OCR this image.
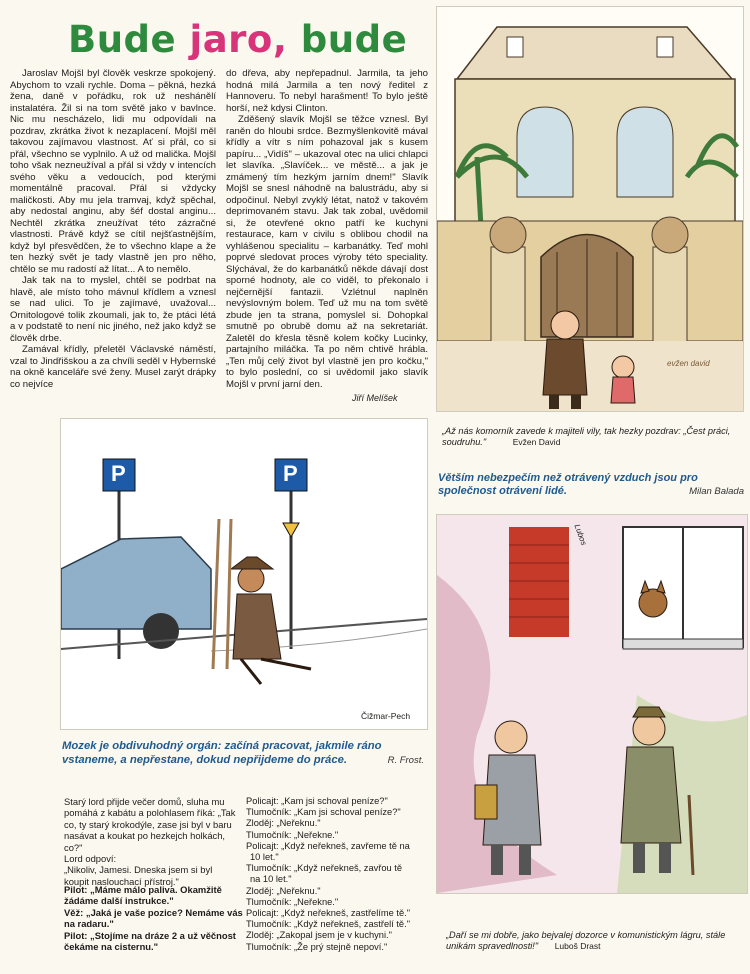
Bude jaro, bude

Jaroslav Mojšl byl člověk veskrze spokojený. Abychom to vzali rychle. Doma – pěkná, hezká žena, daně v pořádku, rok už neshánělí instalatéra. Žil si na tom světě jako v bavlnce. Nic mu nescházelo, lidi mu odpovídali na pozdrav, zkrátka život k nezaplacení. Mojšl měl takovou zajímavou vlastnost. Ať si přál, co si přál, všechno se vyplnilo. A už od malička. Mojšl toho však nezneužíval a přál si vždy v intencích svého věku a vedoucích, pod kterými momentálně pracoval. Přál si vždycky maličkosti. Aby mu jela tramvaj, když spěchal, aby nedostal anginu, aby šéf dostal anginu... Nechtěl zkrátka zneužívat této zázračné vlastnosti. Právě když se cítil nejšťastnějším, když byl přesvědčen, že to všechno klape a že ten hezký svět je tady vlastně jen pro něho, chtělo se mu radostí až lítat... A to nemělo.

Jak tak na to myslel, chtěl se podrbat na hlavě, ale místo toho mávnul křídlem a vznesl se nad ulici. To je zajímavé, uvažoval... Ornitologové tolik zkoumali, jak to, že ptáci létá a v podstatě to není nic jiného, než jako když se člověk drbe.

Zamával křídly, přeletěl Václavské náměstí, vzal to Jindřišskou a za chvíli seděl v Hybernské na okně kanceláře své ženy. Musel zarýt drápky co nejvíce

do dřeva, aby nepřepadnul. Jarmila, ta jeho hodná milá Jarmila a ten nový ředitel z Hannoveru. To nebyl harašment! To bylo ještě horší, než kdysi Clinton.

Zděšený slavík Mojšl se těžce vznesl. Byl raněn do hloubi srdce. Bezmyšlenkovitě mával křídly a vítr s ním pohazoval jak s kusem papíru... „Vidíš" – ukazoval otec na ulici chlapci let slavíka. „Slavíček... ve městě... a jak je zmámený tím hezkým jarním dnem!" Slavík Mojšl se snesl náhodně na balustrádu, aby si odpočinul. Nebyl zvyklý létat, natož v takovém deprimovaném stavu. Jak tak zobal, uvědomil si, že otevřené okno patří ke kuchyni restaurace, kam v civilu s oblibou chodil na vyhlášenou specialitu – karbanátky. Teď mohl poprvé sledovat proces výroby této speciality. Slýchával, že do karbanátků někde dávají dost sporné hodnoty, ale co viděl, to překonalo i nejčernější fantazii. Vzlétnul naplněn nevýslovným bolem. Teď už mu na tom světě zbude jen ta strana, pomyslel si. Dohopkal smutně po obrubě domu až na sekretariát. Zaletěl do křesla těsně kolem kočky Lucinky, partajního miláčka. Ta po něm chtivě hrábla. „Ten můj celý život byl vlastně jen pro kočku," to bylo poslední, co si uvědomil jako slavík Mojšl v první jarní den.

Jiří Melíšek
evžen david
„Až nás komorník zavede k majiteli vily, tak hezky pozdrav: „Čest práci, soudruhu."	Evžen David
Větším nebezpečím než otrávený vzduch jsou pro společnost otrávení lidé.	Milan Balada
P	P
Čižmar-Pech
Mozek je obdivuhodný orgán: začíná pracovat, jakmile ráno vstaneme, a nepřestane, dokud nepřijdeme do práce.	R. Frost.
Starý lord přijde večer domů, sluha mu pomáhá z kabátu a polohlasem říká: „Tak co, ty starý krokodýle, zase jsi byl v baru nasávat a koukat po hezkejch holkách, co?"
Lord odpoví:
„Nikoliv, Jamesi. Dneska jsem si byl koupit naslouchací přístroj."
Pilot: „Máme málo paliva. Okamžitě žádáme další instrukce."
Věž: „Jaká je vaše pozice? Nemáme vás na radaru."
Pilot: „Stojíme na dráze 2 a už věčnost čekáme na cisternu."
Policajt: „Kam jsi schoval peníze?"
Tlumočník: „Kam jsi schoval peníze?"
Zloděj: „Neřeknu."
Tlumočník: „Neřekne."
Policajt: „Když neřekneš, zavřeme tě na
10 let."
Tlumočník: „Když neřekneš, zavřou tě
na 10 let."
Zloděj: „Neřeknu."
Tlumočník: „Neřekne."
Policajt: „Když neřekneš, zastřelíme tě."
Tlumočník: „Když neřekneš, zastřelí tě."
Zloděj: „Zakopal jsem je v kuchyni."
Tlumočník: „Že prý stejně nepoví."
Lubos
„Daří se mi dobře, jako bejvalej dozorce v komunistickým lágru, stále unikám spravedlnosti!" Luboš Drast
